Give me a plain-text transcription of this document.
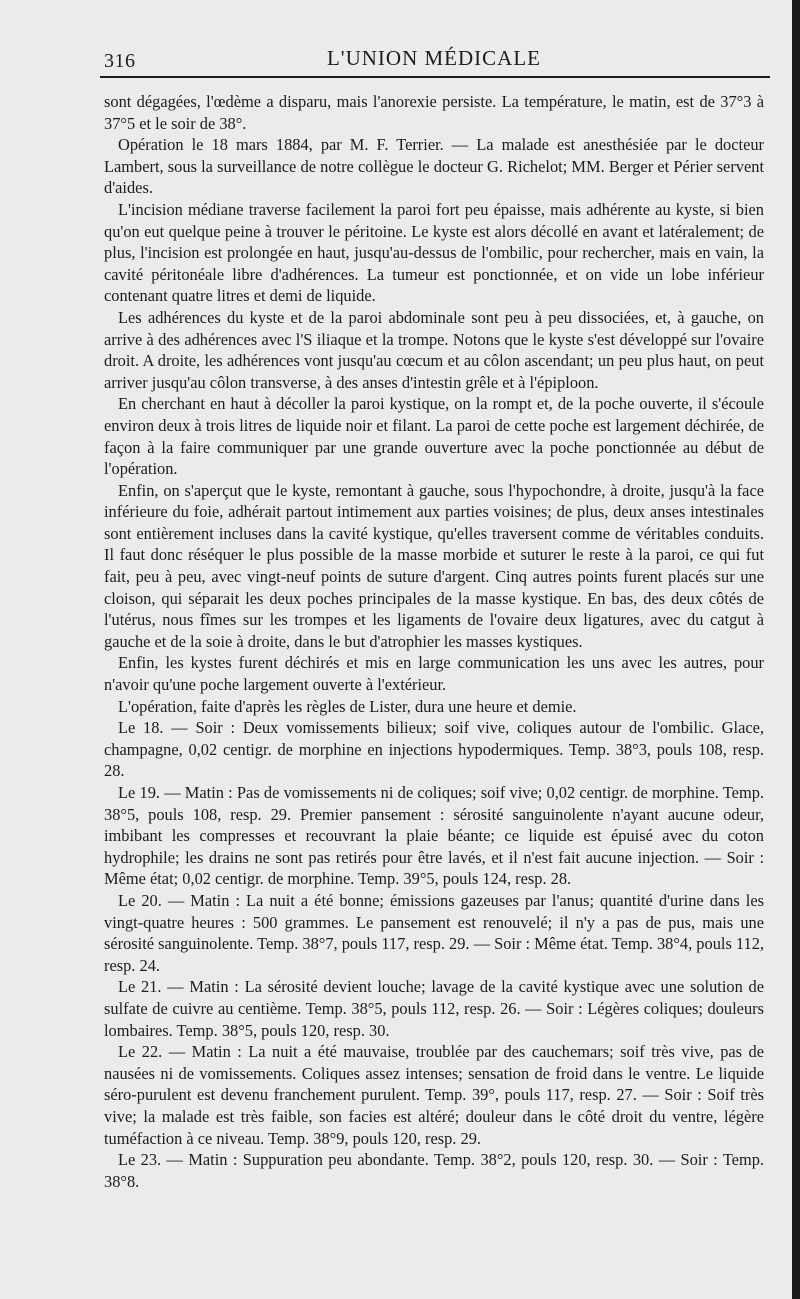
316	L'UNION MÉDICALE

sont dégagées, l'œdème a disparu, mais l'anorexie persiste. La température, le matin, est de 37°3 à 37°5 et le soir de 38°.

Opération le 18 mars 1884, par M. F. Terrier. — La malade est anesthésiée par le docteur Lambert, sous la surveillance de notre collègue le docteur G. Richelot; MM. Berger et Périer servent d'aides.

L'incision médiane traverse facilement la paroi fort peu épaisse, mais adhérente au kyste, si bien qu'on eut quelque peine à trouver le péritoine. Le kyste est alors décollé en avant et latéralement; de plus, l'incision est prolongée en haut, jusqu'au-dessus de l'ombilic, pour rechercher, mais en vain, la cavité péritonéale libre d'adhérences. La tumeur est ponctionnée, et on vide un lobe inférieur contenant quatre litres et demi de liquide.

Les adhérences du kyste et de la paroi abdominale sont peu à peu dissociées, et, à gauche, on arrive à des adhérences avec l'S iliaque et la trompe. Notons que le kyste s'est développé sur l'ovaire droit. A droite, les adhérences vont jusqu'au cœcum et au côlon ascendant; un peu plus haut, on peut arriver jusqu'au côlon transverse, à des anses d'intestin grêle et à l'épiploon.

En cherchant en haut à décoller la paroi kystique, on la rompt et, de la poche ouverte, il s'écoule environ deux à trois litres de liquide noir et filant. La paroi de cette poche est largement déchirée, de façon à la faire communiquer par une grande ouverture avec la poche ponctionnée au début de l'opération.

Enfin, on s'aperçut que le kyste, remontant à gauche, sous l'hypochondre, à droite, jusqu'à la face inférieure du foie, adhérait partout intimement aux parties voisines; de plus, deux anses intestinales sont entièrement incluses dans la cavité kystique, qu'elles traversent comme de véritables conduits. Il faut donc réséquer le plus possible de la masse morbide et suturer le reste à la paroi, ce qui fut fait, peu à peu, avec vingt-neuf points de suture d'argent. Cinq autres points furent placés sur une cloison, qui séparait les deux poches principales de la masse kystique. En bas, des deux côtés de l'utérus, nous fîmes sur les trompes et les ligaments de l'ovaire deux ligatures, avec du catgut à gauche et de la soie à droite, dans le but d'atrophier les masses kystiques.

Enfin, les kystes furent déchirés et mis en large communication les uns avec les autres, pour n'avoir qu'une poche largement ouverte à l'extérieur.

L'opération, faite d'après les règles de Lister, dura une heure et demie.

Le 18. — Soir : Deux vomissements bilieux; soif vive, coliques autour de l'ombilic. Glace, champagne, 0,02 centigr. de morphine en injections hypodermiques. Temp. 38°3, pouls 108, resp. 28.

Le 19. — Matin : Pas de vomissements ni de coliques; soif vive; 0,02 centigr. de morphine. Temp. 38°5, pouls 108, resp. 29. Premier pansement : sérosité sanguinolente n'ayant aucune odeur, imbibant les compresses et recouvrant la plaie béante; ce liquide est épuisé avec du coton hydrophile; les drains ne sont pas retirés pour être lavés, et il n'est fait aucune injection. — Soir : Même état; 0,02 centigr. de morphine. Temp. 39°5, pouls 124, resp. 28.

Le 20. — Matin : La nuit a été bonne; émissions gazeuses par l'anus; quantité d'urine dans les vingt-quatre heures : 500 grammes. Le pansement est renouvelé; il n'y a pas de pus, mais une sérosité sanguinolente. Temp. 38°7, pouls 117, resp. 29. — Soir : Même état. Temp. 38°4, pouls 112, resp. 24.

Le 21. — Matin : La sérosité devient louche; lavage de la cavité kystique avec une solution de sulfate de cuivre au centième. Temp. 38°5, pouls 112, resp. 26. — Soir : Légères coliques; douleurs lombaires. Temp. 38°5, pouls 120, resp. 30.

Le 22. — Matin : La nuit a été mauvaise, troublée par des cauchemars; soif très vive, pas de nausées ni de vomissements. Coliques assez intenses; sensation de froid dans le ventre. Le liquide séro-purulent est devenu franchement purulent. Temp. 39°, pouls 117, resp. 27. — Soir : Soif très vive; la malade est très faible, son facies est altéré; douleur dans le côté droit du ventre, légère tuméfaction à ce niveau. Temp. 38°9, pouls 120, resp. 29.

Le 23. — Matin : Suppuration peu abondante. Temp. 38°2, pouls 120, resp. 30. — Soir : Temp. 38°8.
